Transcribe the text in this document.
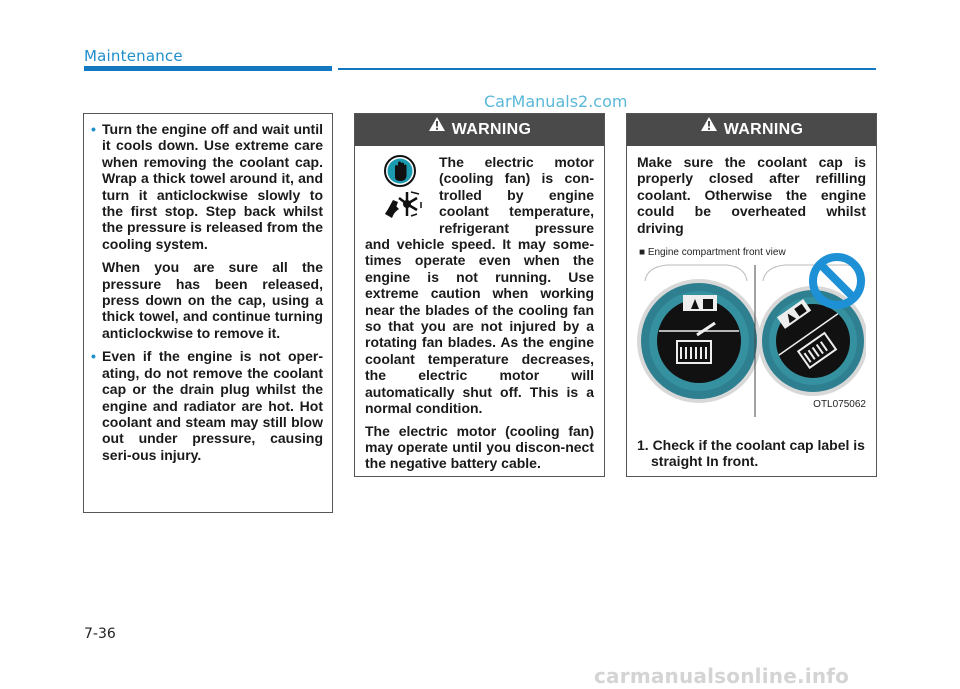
Maintenance
CarManuals2.com
• Turn the engine off and wait until it cools down. Use extreme care when removing the coolant cap. Wrap a thick towel around it, and turn it anticlockwise slowly to the first stop. Step back whilst the pressure is released from the cooling system.

When you are sure all the pressure has been released, press down on the cap, using a thick towel, and continue turning anticlockwise to remove it.

• Even if the engine is not oper-ating, do not remove the coolant cap or the drain plug whilst the engine and radiator are hot. Hot coolant and steam may still blow out under pressure, causing seri-ous injury.

WARNING

The electric motor (cooling fan) is con-trolled by engine coolant temperature, refrigerant pressure and vehicle speed. It may some-times operate even when the engine is not running. Use extreme caution when working near the blades of the cooling fan so that you are not injured by a rotating fan blades. As the engine coolant temperature decreases, the electric motor will automatically shut off. This is a normal condition.

The electric motor (cooling fan) may operate until you discon-nect the negative battery cable.

WARNING

Make sure the coolant cap is properly closed after refilling coolant. Otherwise the engine could be overheated whilst driving

■ Engine compartment front view
OTL075062

1. Check if the coolant cap label is straight In front.

7-36
carmanualsonline.info
